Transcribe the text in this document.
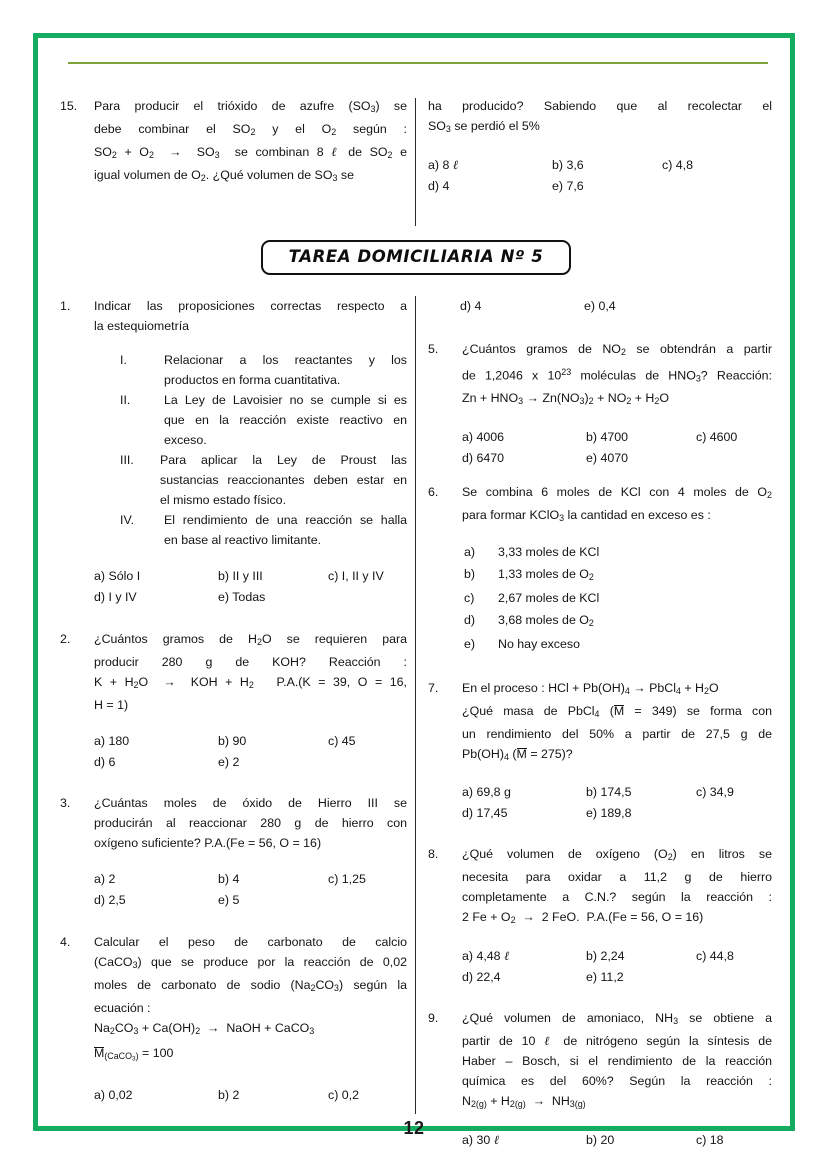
12
15. Para producir el trióxido de azufre $(SO_3)$ se
debe combinar el $SO_2$ y el $O_2$ según :
$SO_2 + O_2 \to SO_3$  se combinan 8 ℓ de $SO_2$ e
igual volumen de $O_2$. ¿Qué volumen de $SO_3$ se
ha producido? Sabiendo que al recolectar el
$SO_3$ se perdió el 5%
a) 8 ℓ	b) 3,6	c) 4,8
d) 4	e) 7,6
TAREA DOMICILIARIA Nº 5
1. Indicar las proposiciones correctas respecto a
la estequiometría
I.	Relacionar a los reactantes y los
productos en forma cuantitativa.
II.	La Ley de Lavoisier no se cumple si es
que en la reacción existe reactivo en
exceso.
III. Para aplicar la Ley de Proust las
sustancias reaccionantes deben estar en
el mismo estado físico.
IV. El rendimiento de una reacción se halla
en base al reactivo limitante.
a) Sólo I	b) II y III	c) I, II y IV
d) I y IV	e) Todas
2. ¿Cuántos gramos de $H_2O$ se requieren para
producir 280 g de KOH? Reacción :
$K + H_2O$  →  KOH + $H_2$   P.A.(K = 39, O = 16,
H = 1)
a) 180	b) 90	c) 45
d) 6	e) 2
3. ¿Cuántas moles de óxido de Hierro III se
producirán al reaccionar 280 g de hierro con
oxígeno suficiente? P.A.(Fe = 56, O = 16)
a) 2	b) 4	c) 1,25
d) 2,5	e) 5
4. Calcular el peso de carbonato de calcio
(CaCO$_3$) que se produce por la reacción de 0,02
moles de carbonato de sodio $(Na_2CO_3)$ según la
ecuación :
$Na_2CO_3 + Ca(OH)_2$  →  NaOH + CaCO$_3$
$M_{(CaCO_3)} = 100$
a) 0,02	b) 2	c) 0,2
d) 4	e) 0,4
5. ¿Cuántos gramos de $NO_2$ se obtendrán a partir
de 1,2046 x $10^{23}$ moléculas de $HNO_3$? Reacción:
$Zn + HNO_3 \to Zn(NO_3)_2 + NO_2 + H_2O$
a) 4006	b) 4700	c) 4600
d) 6470	e) 4070
6. Se combina 6 moles de KCl con 4 moles de $O_2$
para formar KClO$_3$ la cantidad en exceso es :
a) 3,33 moles de KCl
b) 1,33 moles de $O_2$
c) 2,67 moles de KCl
d) 3,68 moles de $O_2$
e) No hay exceso
7. En el proceso : HCl + $Pb(OH)_4$ → PbCl$_4$ + $H_2O$
¿Qué masa de PbCl$_4$ (M = 349) se forma con
un rendimiento del 50% a partir de 27,5 g de
$Pb(OH)_4$ (M = 275)?
a) 69,8 g	b) 174,5	c) 34,9
d) 17,45	e) 189,8
8. ¿Qué volumen de oxígeno $(O_2)$ en litros se
necesita para oxidar a 11,2 g de hierro
completamente a C.N.? según la reacción :
2 $Fe + O_2 \to 2$ FeO.  P.A.(Fe = 56, O = 16)
a) 4,48 ℓ	b) 2,24	c) 44,8
d) 22,4	e) 11,2
9. ¿Qué volumen de amoniaco, $NH_3$ se obtiene a
partir de 10 ℓ de nitrógeno según la síntesis de
Haber – Bosch, si el rendimiento de la reacción
química es del 60%? Según la reacción :
$N_{2(g)} + H_{2(g)} \to NH_{3(g)}$
a) 30 ℓ	b) 20	c) 18
